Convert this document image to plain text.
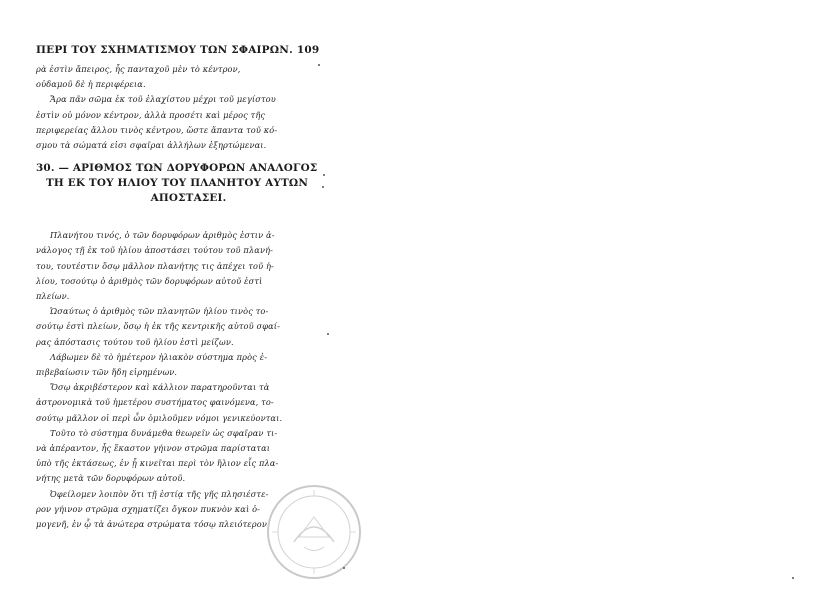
ΠΕΡΙ ΤΟΥ ΣΧΗΜΑΤΙΣΜΟΥ ΤΩΝ ΣΦΑΙΡΩΝ. 109
ρὰ ἐστὶν ἄπειρος, ἧς πανταχοῦ μὲν τὸ κέντρον,
οὐδαμοῦ δὲ ἡ περιφέρεια.
Ἄρα πᾶν σῶμα ἐκ τοῦ ἐλαχίστου μέχρι τοῦ μεγίστου
ἐστὶν οὐ μόνον κέντρον, ἀλλὰ προσέτι καὶ μέρος τῆς
περιφερείας ἄλλου τινὸς κέντρου, ὥστε ἅπαντα τοῦ κό-
σμου τὰ σώματά εἰσι σφαῖραι ἀλλήλων ἐξηρτώμεναι.
30. — ΑΡΙΘΜΟΣ ΤΩΝ ΔΟΡΥΦΟΡΩΝ ΑΝΑΛΟΓΟΣ
ΤΗ ΕΚ ΤΟΥ ΗΛΙΟΥ ΤΟΥ ΠΛΑΝΗΤΟΥ ΑΥΤΩΝ
ΑΠΟΣΤΑΣΕΙ.
Πλανήτου τινός, ὁ τῶν δορυφόρων ἀριθμὸς ἐστιν ἀ-
νάλογος τῇ ἐκ τοῦ ἡλίου ἀποστάσει τούτου τοῦ πλανή-
του, τουτέστιν ὅσῳ μᾶλλον πλανήτης τις ἀπέχει τοῦ ἡ-
λίου, τοσούτῳ ὁ ἀριθμὸς τῶν δορυφόρων αὐτοῦ ἐστὶ
πλείων.
Ὡσαύτως ὁ ἀριθμὸς τῶν πλανητῶν ἡλίου τινὸς το-
σούτῳ ἐστὶ πλείων, ὅσῳ ἡ ἐκ τῆς κεντρικῆς αὐτοῦ σφαί-
ρας ἀπόστασις τούτου τοῦ ἡλίου ἐστὶ μείζων.
Λάβωμεν δὲ τὸ ἡμέτερον ἡλιακὸν σύστημα πρὸς ἐ-
πιβεβαίωσιν τῶν ἤδη εἰρημένων.
Ὅσῳ ἀκριβέστερον καὶ κάλλιον παρατηροῦνται τὰ
ἀστρονομικὰ τοῦ ἡμετέρου συστήματος φαινόμενα, το-
σούτῳ μᾶλλον οἱ περὶ ὧν ὁμιλοῦμεν νόμοι γενικεύονται.
Τοῦτο τὸ σύστημα δυνάμεθα θεωρεῖν ὡς σφαῖραν τι-
νὰ ἀπέραντον, ἧς ἕκαστον γήινον στρῶμα παρίσταται
ὑπὸ τῆς ἐκτάσεως, ἐν ᾗ κινεῖται περὶ τὸν ἥλιον εἷς πλα-
νήτης μετὰ τῶν δορυφόρων αὐτοῦ.
Ὀφείλομεν λοιπὸν ὅτι τῇ ἑστίᾳ τῆς γῆς πλησιέστε-
ρον γήινον στρῶμα σχηματίζει ὄγκον πυκνὸν καὶ ὁ-
μογενῆ, ἐν ᾧ τὰ ἀνώτερα στρώματα τόσῳ πλειότερον
